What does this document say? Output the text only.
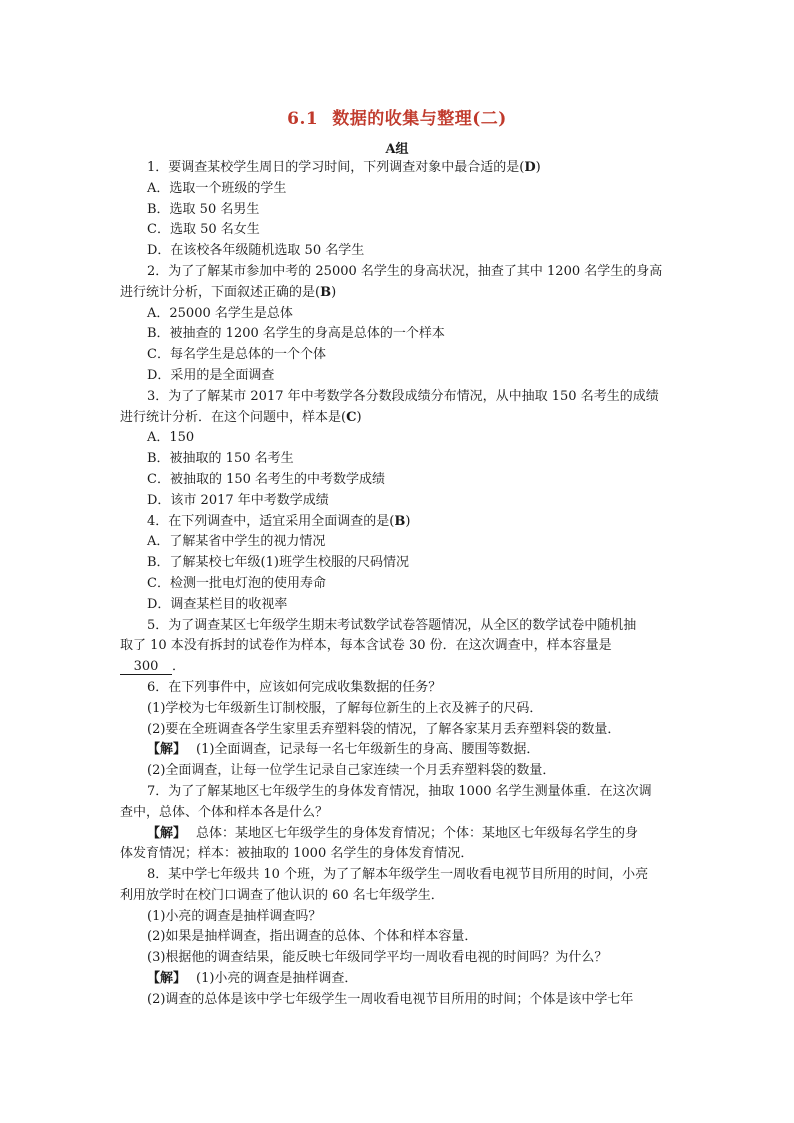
6.1 数据的收集与整理(二)
A组
1．要调查某校学生周日的学习时间，下列调查对象中最合适的是(D)
A．选取一个班级的学生
B．选取 50 名男生
C．选取 50 名女生
D．在该校各年级随机选取 50 名学生
2．为了了解某市参加中考的 25000 名学生的身高状况，抽查了其中 1200 名学生的身高
进行统计分析，下面叙述正确的是(B)
A．25000 名学生是总体
B．被抽查的 1200 名学生的身高是总体的一个样本
C．每名学生是总体的一个个体
D．采用的是全面调查
3．为了了解某市 2017 年中考数学各分数段成绩分布情况，从中抽取 150 名考生的成绩
进行统计分析．在这个问题中，样本是(C)
A．150
B．被抽取的 150 名考生
C．被抽取的 150 名考生的中考数学成绩
D．该市 2017 年中考数学成绩
4．在下列调查中，适宜采用全面调查的是(B)
A．了解某省中学生的视力情况
B．了解某校七年级(1)班学生校服的尺码情况
C．检测一批电灯泡的使用寿命
D．调查某栏目的收视率
5．为了调查某区七年级学生期末考试数学试卷答题情况，从全区的数学试卷中随机抽
取了 10 本没有拆封的试卷作为样本，每本含试卷 30 份．在这次调查中，样本容量是
300 ．
6．在下列事件中，应该如何完成收集数据的任务？
(1)学校为七年级新生订制校服，了解每位新生的上衣及裤子的尺码．
(2)要在全班调查各学生家里丢弃塑料袋的情况，了解各家某月丢弃塑料袋的数量．
【解】 (1)全面调查，记录每一名七年级新生的身高、腰围等数据．
(2)全面调查，让每一位学生记录自己家连续一个月丢弃塑料袋的数量．
7．为了了解某地区七年级学生的身体发育情况，抽取 1000 名学生测量体重．在这次调
查中，总体、个体和样本各是什么？
【解】 总体：某地区七年级学生的身体发育情况；个体：某地区七年级每名学生的身
体发育情况；样本：被抽取的 1000 名学生的身体发育情况．
8．某中学七年级共 10 个班，为了了解本年级学生一周收看电视节目所用的时间，小亮
利用放学时在校门口调查了他认识的 60 名七年级学生．
(1)小亮的调查是抽样调查吗？
(2)如果是抽样调查，指出调查的总体、个体和样本容量．
(3)根据他的调查结果，能反映七年级同学平均一周收看电视的时间吗？为什么？
【解】 (1)小亮的调查是抽样调查．
(2)调查的总体是该中学七年级学生一周收看电视节目所用的时间；个体是该中学七年
